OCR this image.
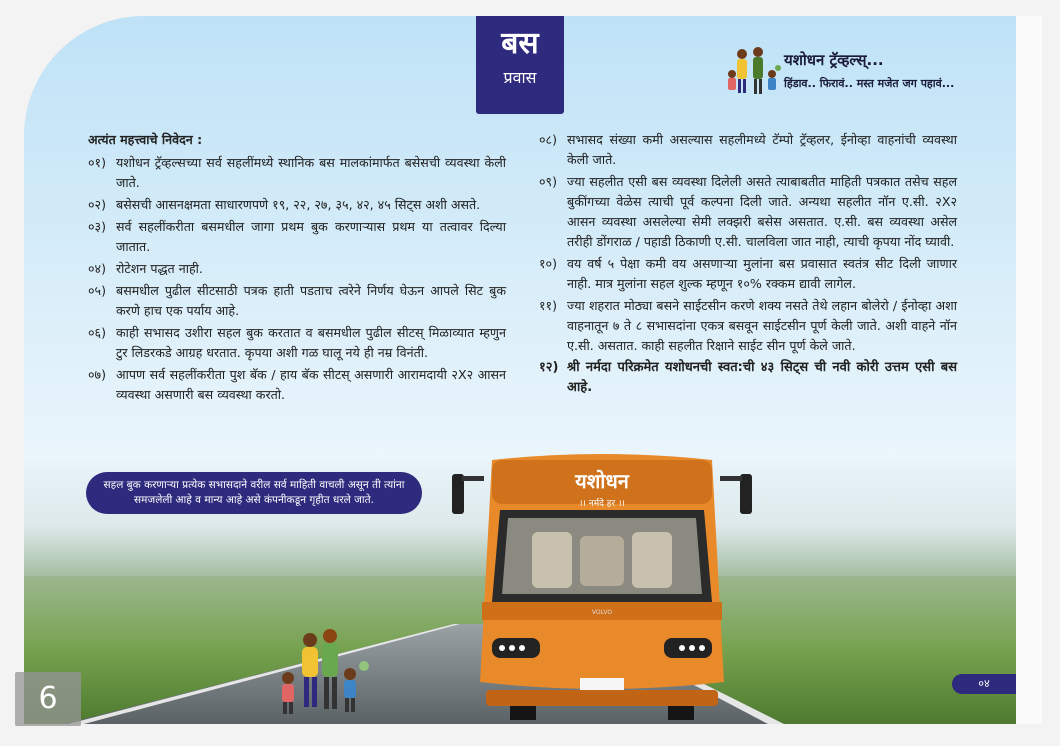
बस
प्रवास
यशोधन ट्रॅव्हल्स्...
हिंडाव.. फिरावं.. मस्त मजेत जग पहावं...
अत्यंत महत्त्वाचे निवेदन :
०१) यशोधन ट्रॅव्हल्सच्या सर्व सहलींमध्ये स्थानिक बस मालकांमार्फत बसेसची व्यवस्था केली जाते.
०२) बसेसची आसनक्षमता साधारणपणे १९, २२, २७, ३५, ४२, ४५ सिट्स अशी असते.
०३) सर्व सहलींकरीता बसमधील जागा प्रथम बुक करणाऱ्यास प्रथम या तत्वावर दिल्या जातात.
०४) रोटेशन पद्धत नाही.
०५) बसमधील पुढील सीटसाठी पत्रक हाती पडताच त्वरेने निर्णय घेऊन आपले सिट बुक करणे हाच एक पर्याय आहे.
०६) काही सभासद उशीरा सहल बुक करतात व बसमधील पुढील सीटस् मिळाव्यात म्हणुन टुर लिडरकडे आग्रह धरतात. कृपया अशी गळ घालू नये ही नम्र विनंती.
०७) आपण सर्व सहलींकरीता पुश बॅक / हाय बॅक सीटस् असणारी आरामदायी २X२ आसन व्यवस्था असणारी बस व्यवस्था करतो.
०८) सभासद संख्या कमी असल्यास सहलीमध्ये टॅम्पो ट्रॅव्हलर, ईनोव्हा वाहनांची व्यवस्था केली जाते.
०९) ज्या सहलीत एसी बस व्यवस्था दिलेली असते त्याबाबतीत माहिती पत्रकात तसेच सहल बुकींगच्या वेळेस त्याची पूर्व कल्पना दिली जाते. अन्यथा सहलीत नॉन ए.सी. २X२ आसन व्यवस्था असलेल्या सेमी लक्झरी बसेस असतात. ए.सी. बस व्यवस्था असेल तरीही डोंगराळ / पहाडी ठिकाणी ए.सी. चालविला जात नाही, त्याची कृपया नोंद घ्यावी.
१०) वय वर्ष ५ पेक्षा कमी वय असणाऱ्या मुलांना बस प्रवासात स्वतंत्र सीट दिली जाणार नाही. मात्र मुलांना सहल शुल्क म्हणून १०% रक्कम द्यावी लागेल.
११) ज्या शहरात मोठ्या बसने साईटसीन करणे शक्य नसते तेथे लहान बोलेरो / ईनोव्हा अशा वाहनातून ७ ते ८ सभासदांना एकत्र बसवून साईटसीन पूर्ण केली जाते. अशी वाहने नॉन ए.सी. असतात. काही सहलीत रिक्षाने साईट सीन पूर्ण केले जाते.
१२) श्री नर्मदा परिक्रमेत यशोधनची स्वत:ची ४३ सिट्स ची नवी कोरी उत्तम एसी बस आहे.
सहल बुक करणाऱ्या प्रत्येक सभासदाने वरील सर्व माहिती वाचली असून ती त्यांना समजलेली आहे व मान्य आहे असे कंपनीकडून गृहीत धरले जाते.
VOLVO
यशोधन
।। नर्मदे हर ।।
०४
6
